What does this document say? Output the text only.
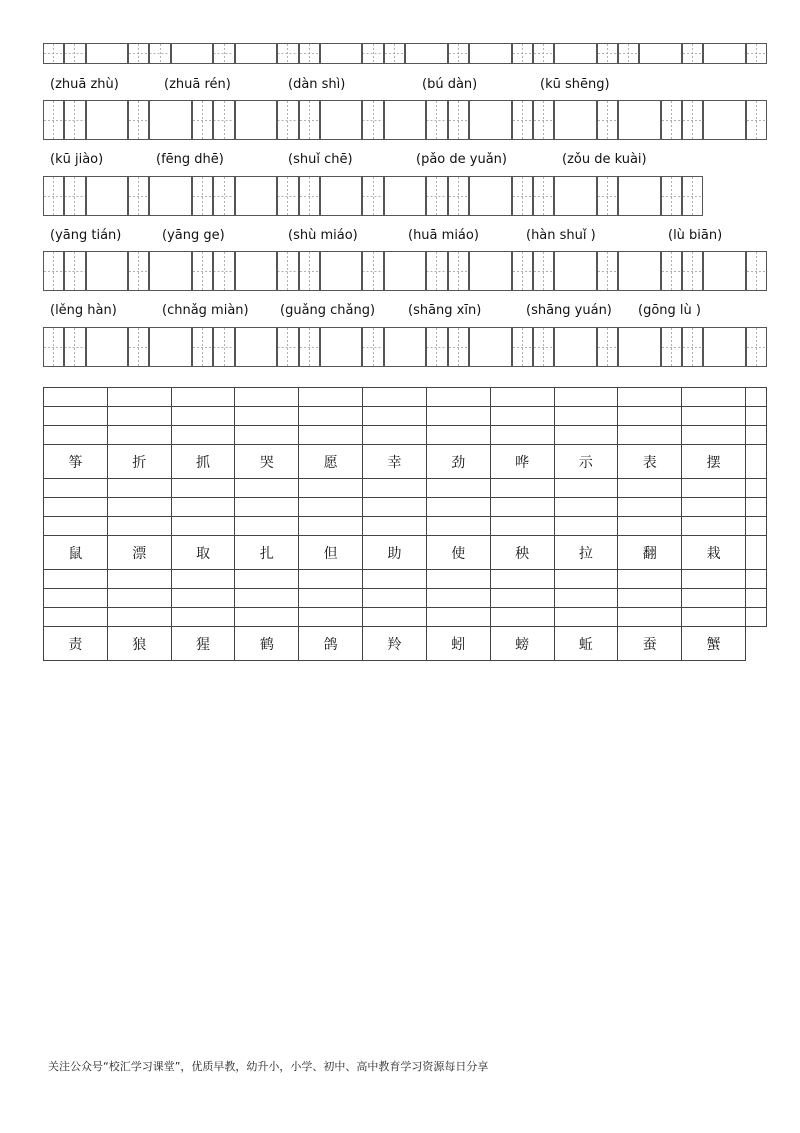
(zhuā zhù)

	(zhuā rén)

	(dàn shì)

	(bú dàn)

	(kū shēng)

(kū jiào)

	(fēng dhē)

	(shuǐ chē)

	(pǎo de yuǎn)

	(zǒu de kuài)

(yāng tián)

	(yāng ge)

	(shù miáo)

	(huā miáo)

	(hàn shuǐ )

	(lù biān)

(lěng hàn)

	(chnǎg miàn)

(guǎng chǎng)

	(shāng xīn)

	(shāng yuán)

(gōng lù )

筝	折	抓	哭	愿	幸	劲	哗	示	表	摆	

鼠	漂	取	扎	但	助	使	秧	拉	翻	栽	

责	狼	猩	鹤	鸽	羚	蚓	螃	蚯	蚕	蟹	
关注公众号“校汇学习课堂”，优质早教，幼升小，小学、初中、高中教育学习资源每日分享
